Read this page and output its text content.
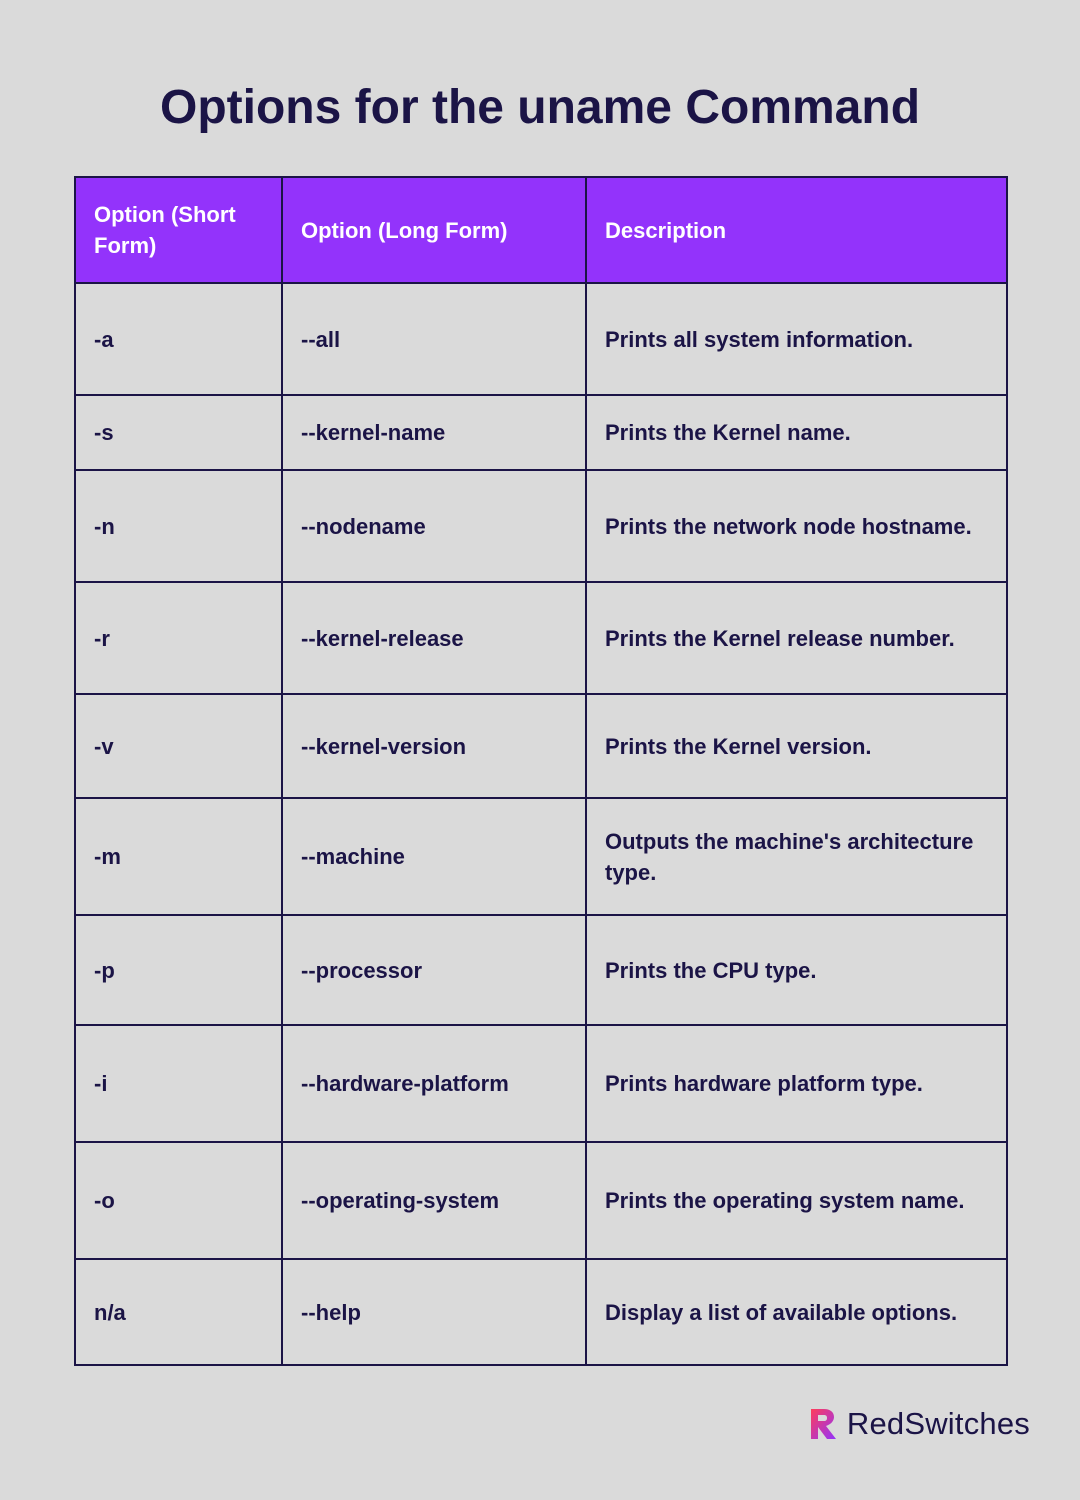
Options for the uname Command
Option (Short Form)	Option (Long Form)	Description
-a	--all	Prints all system information.
-s	--kernel-name	Prints the Kernel name.
-n	--nodename	Prints the network node hostname.
-r	--kernel-release	Prints the Kernel release number.
-v	--kernel-version	Prints the Kernel version.
-m	--machine	Outputs the machine's architecture type.
-p	--processor	Prints the CPU type.
-i	--hardware-platform	Prints hardware platform type.
-o	--operating-system	Prints the operating system name.
n/a	--help	Display a list of available options.
RedSwitches
